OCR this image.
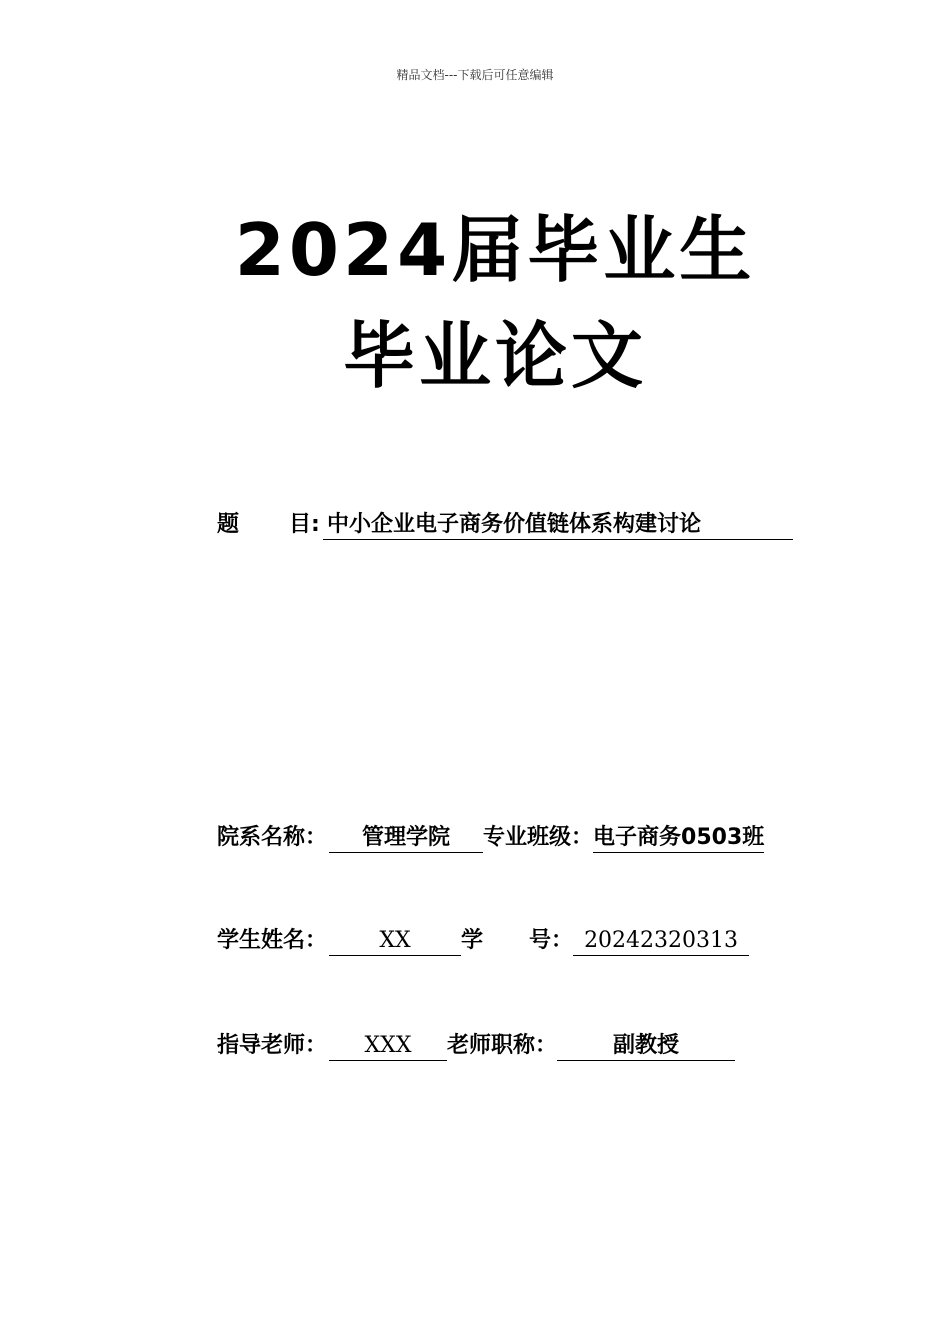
精品文档---下载后可任意编辑
2024届毕业生
毕业论文
题 目: 中小企业电子商务价值链体系构建讨论
院系名称： 管理学院 专业班级：电子商务0503班
学生姓名： XX 学 号： 20242320313
指导老师： XXX 老师职称：	副教授
